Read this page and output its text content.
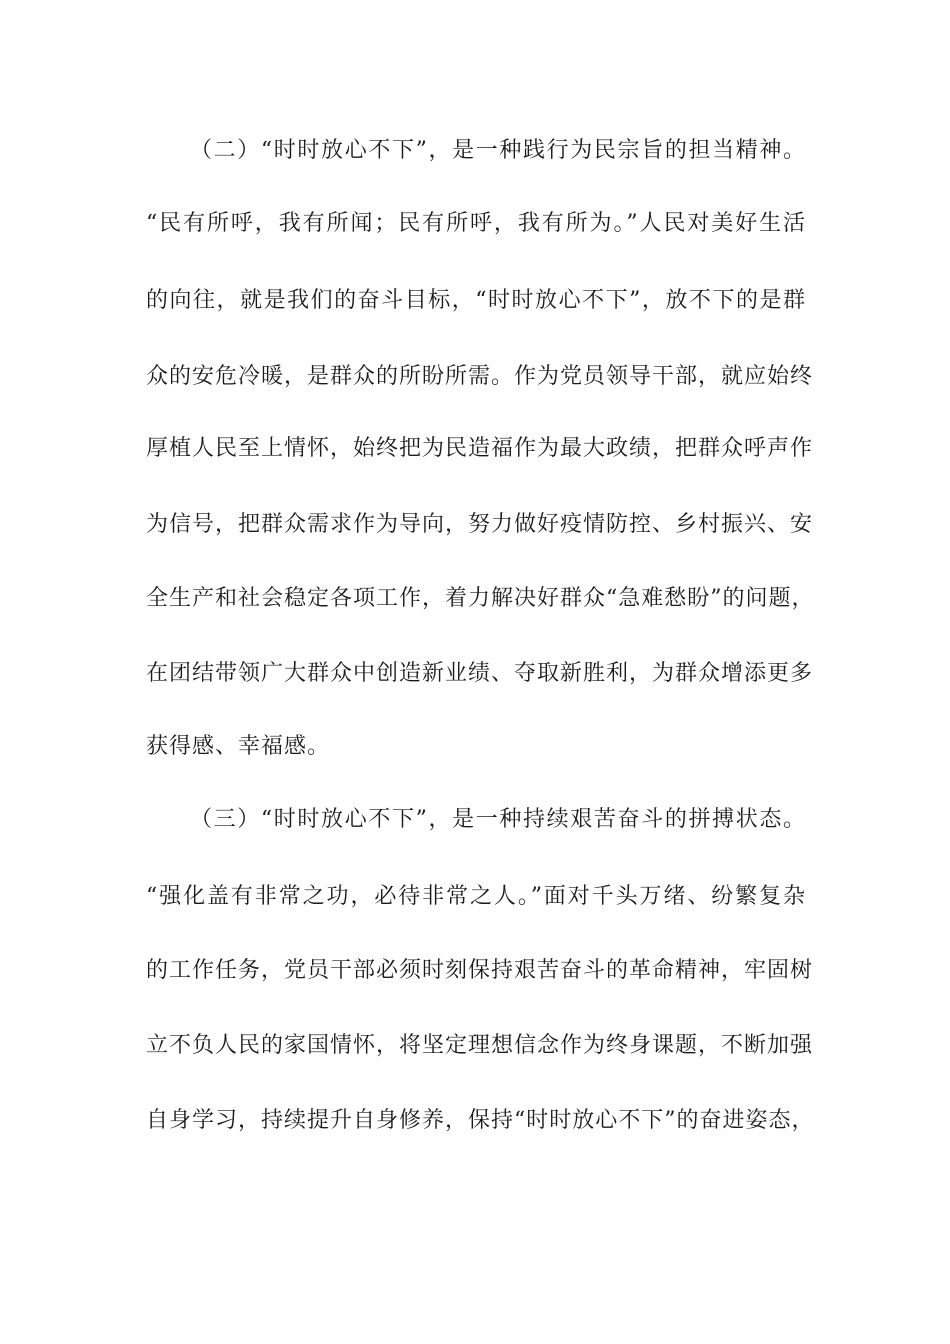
（二）“时时放心不下”，是一种践行为民宗旨的担当精神。
“民有所呼，我有所闻；民有所呼，我有所为。”人民对美好生活
的向往，就是我们的奋斗目标，“时时放心不下”，放不下的是群
众的安危冷暖，是群众的所盼所需。作为党员领导干部，就应始终
厚植人民至上情怀，始终把为民造福作为最大政绩，把群众呼声作
为信号，把群众需求作为导向，努力做好疫情防控、乡村振兴、安
全生产和社会稳定各项工作，着力解决好群众“急难愁盼”的问题，
在团结带领广大群众中创造新业绩、夺取新胜利，为群众增添更多
获得感、幸福感。
（三）“时时放心不下”，是一种持续艰苦奋斗的拼搏状态。
“强化盖有非常之功，必待非常之人。”面对千头万绪、纷繁复杂
的工作任务，党员干部必须时刻保持艰苦奋斗的革命精神，牢固树
立不负人民的家国情怀，将坚定理想信念作为终身课题，不断加强
自身学习，持续提升自身修养，保持“时时放心不下”的奋进姿态，
